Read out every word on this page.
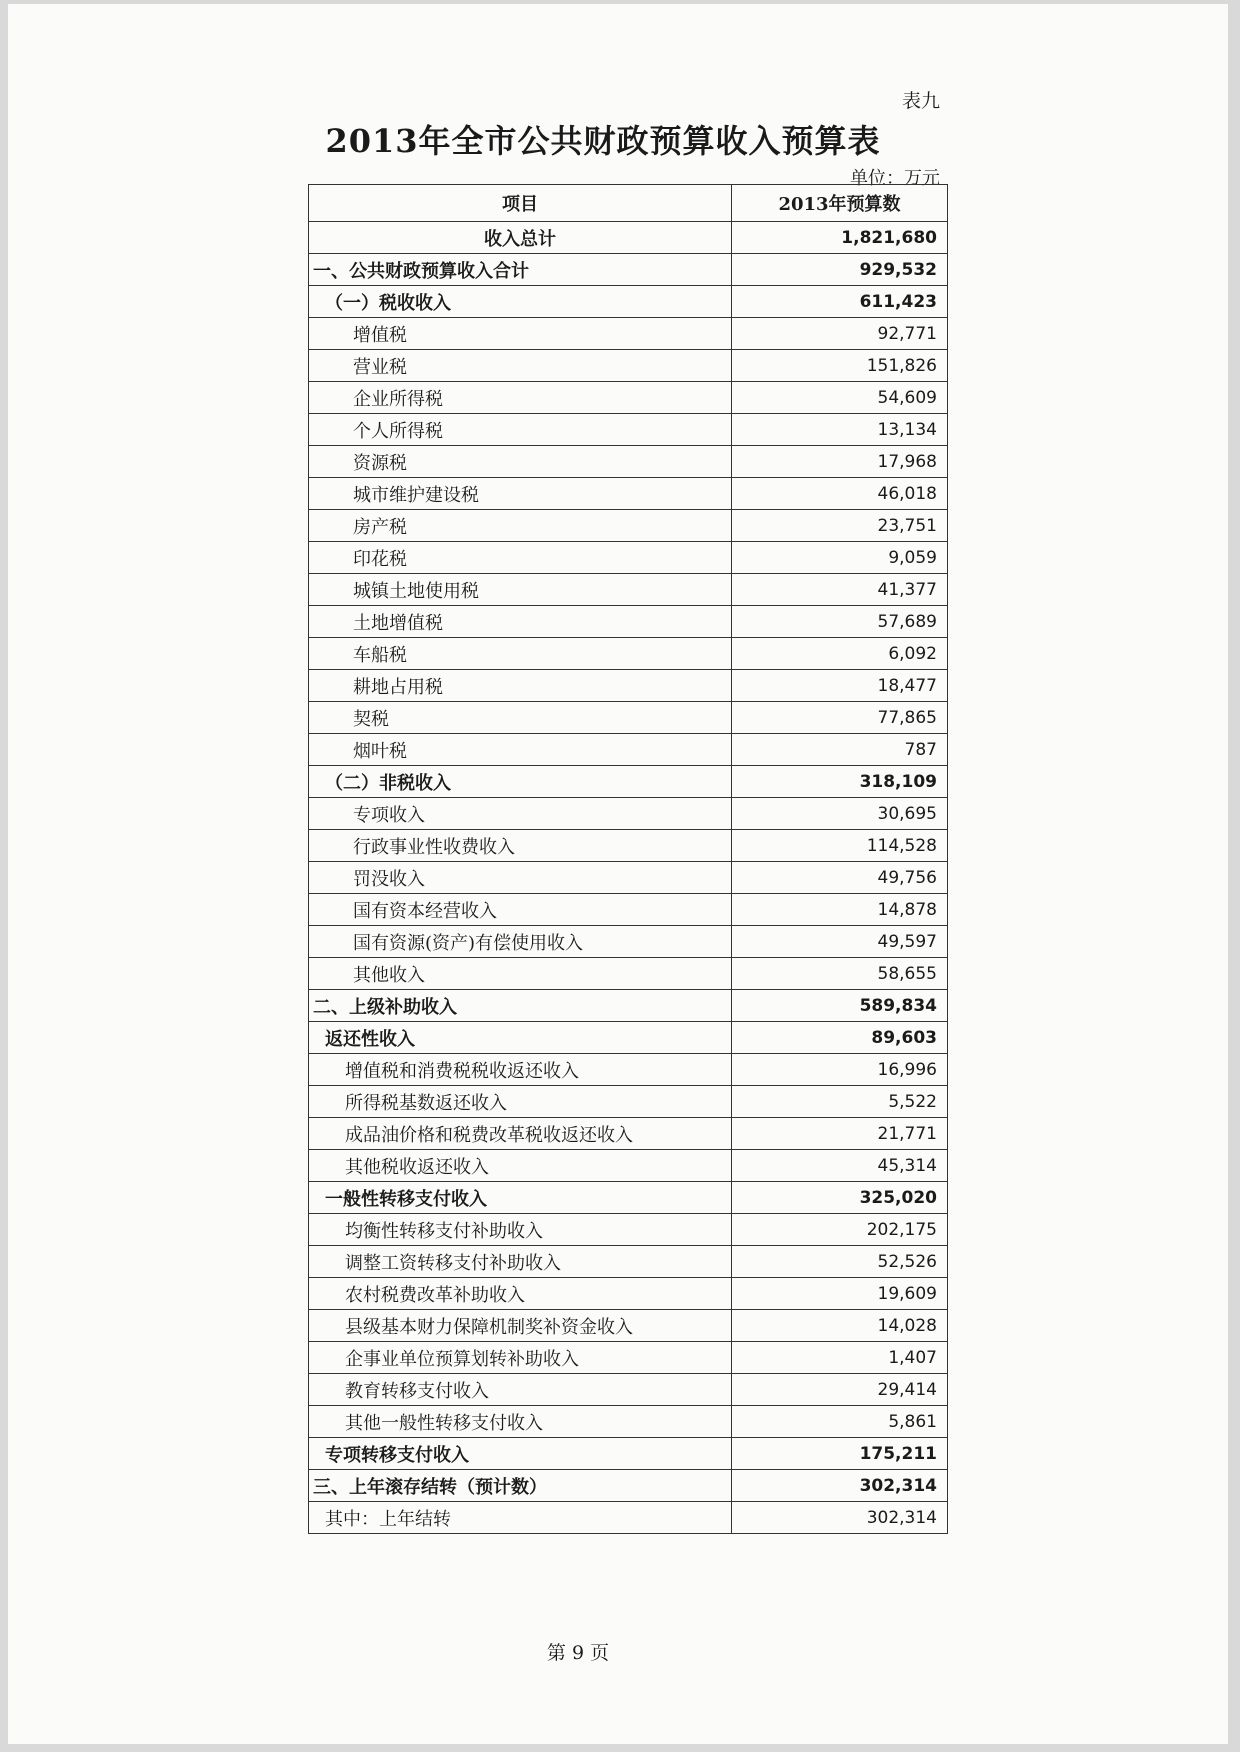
表九
2013年全市公共财政预算收入预算表
单位：万元
项目	2013年预算数
收入总计	1,821,680
一、公共财政预算收入合计	929,532
（一）税收收入	611,423
增值税	92,771
营业税	151,826
企业所得税	54,609
个人所得税	13,134
资源税	17,968
城市维护建设税	46,018
房产税	23,751
印花税	9,059
城镇土地使用税	41,377
土地增值税	57,689
车船税	6,092
耕地占用税	18,477
契税	77,865
烟叶税	787
（二）非税收入	318,109
专项收入	30,695
行政事业性收费收入	114,528
罚没收入	49,756
国有资本经营收入	14,878
国有资源(资产)有偿使用收入	49,597
其他收入	58,655
二、上级补助收入	589,834
返还性收入	89,603
增值税和消费税税收返还收入	16,996
所得税基数返还收入	5,522
成品油价格和税费改革税收返还收入	21,771
其他税收返还收入	45,314
一般性转移支付收入	325,020
均衡性转移支付补助收入	202,175
调整工资转移支付补助收入	52,526
农村税费改革补助收入	19,609
县级基本财力保障机制奖补资金收入	14,028
企事业单位预算划转补助收入	1,407
教育转移支付收入	29,414
其他一般性转移支付收入	5,861
专项转移支付收入	175,211
三、上年滚存结转（预计数）	302,314
其中：上年结转	302,314
第 9 页
